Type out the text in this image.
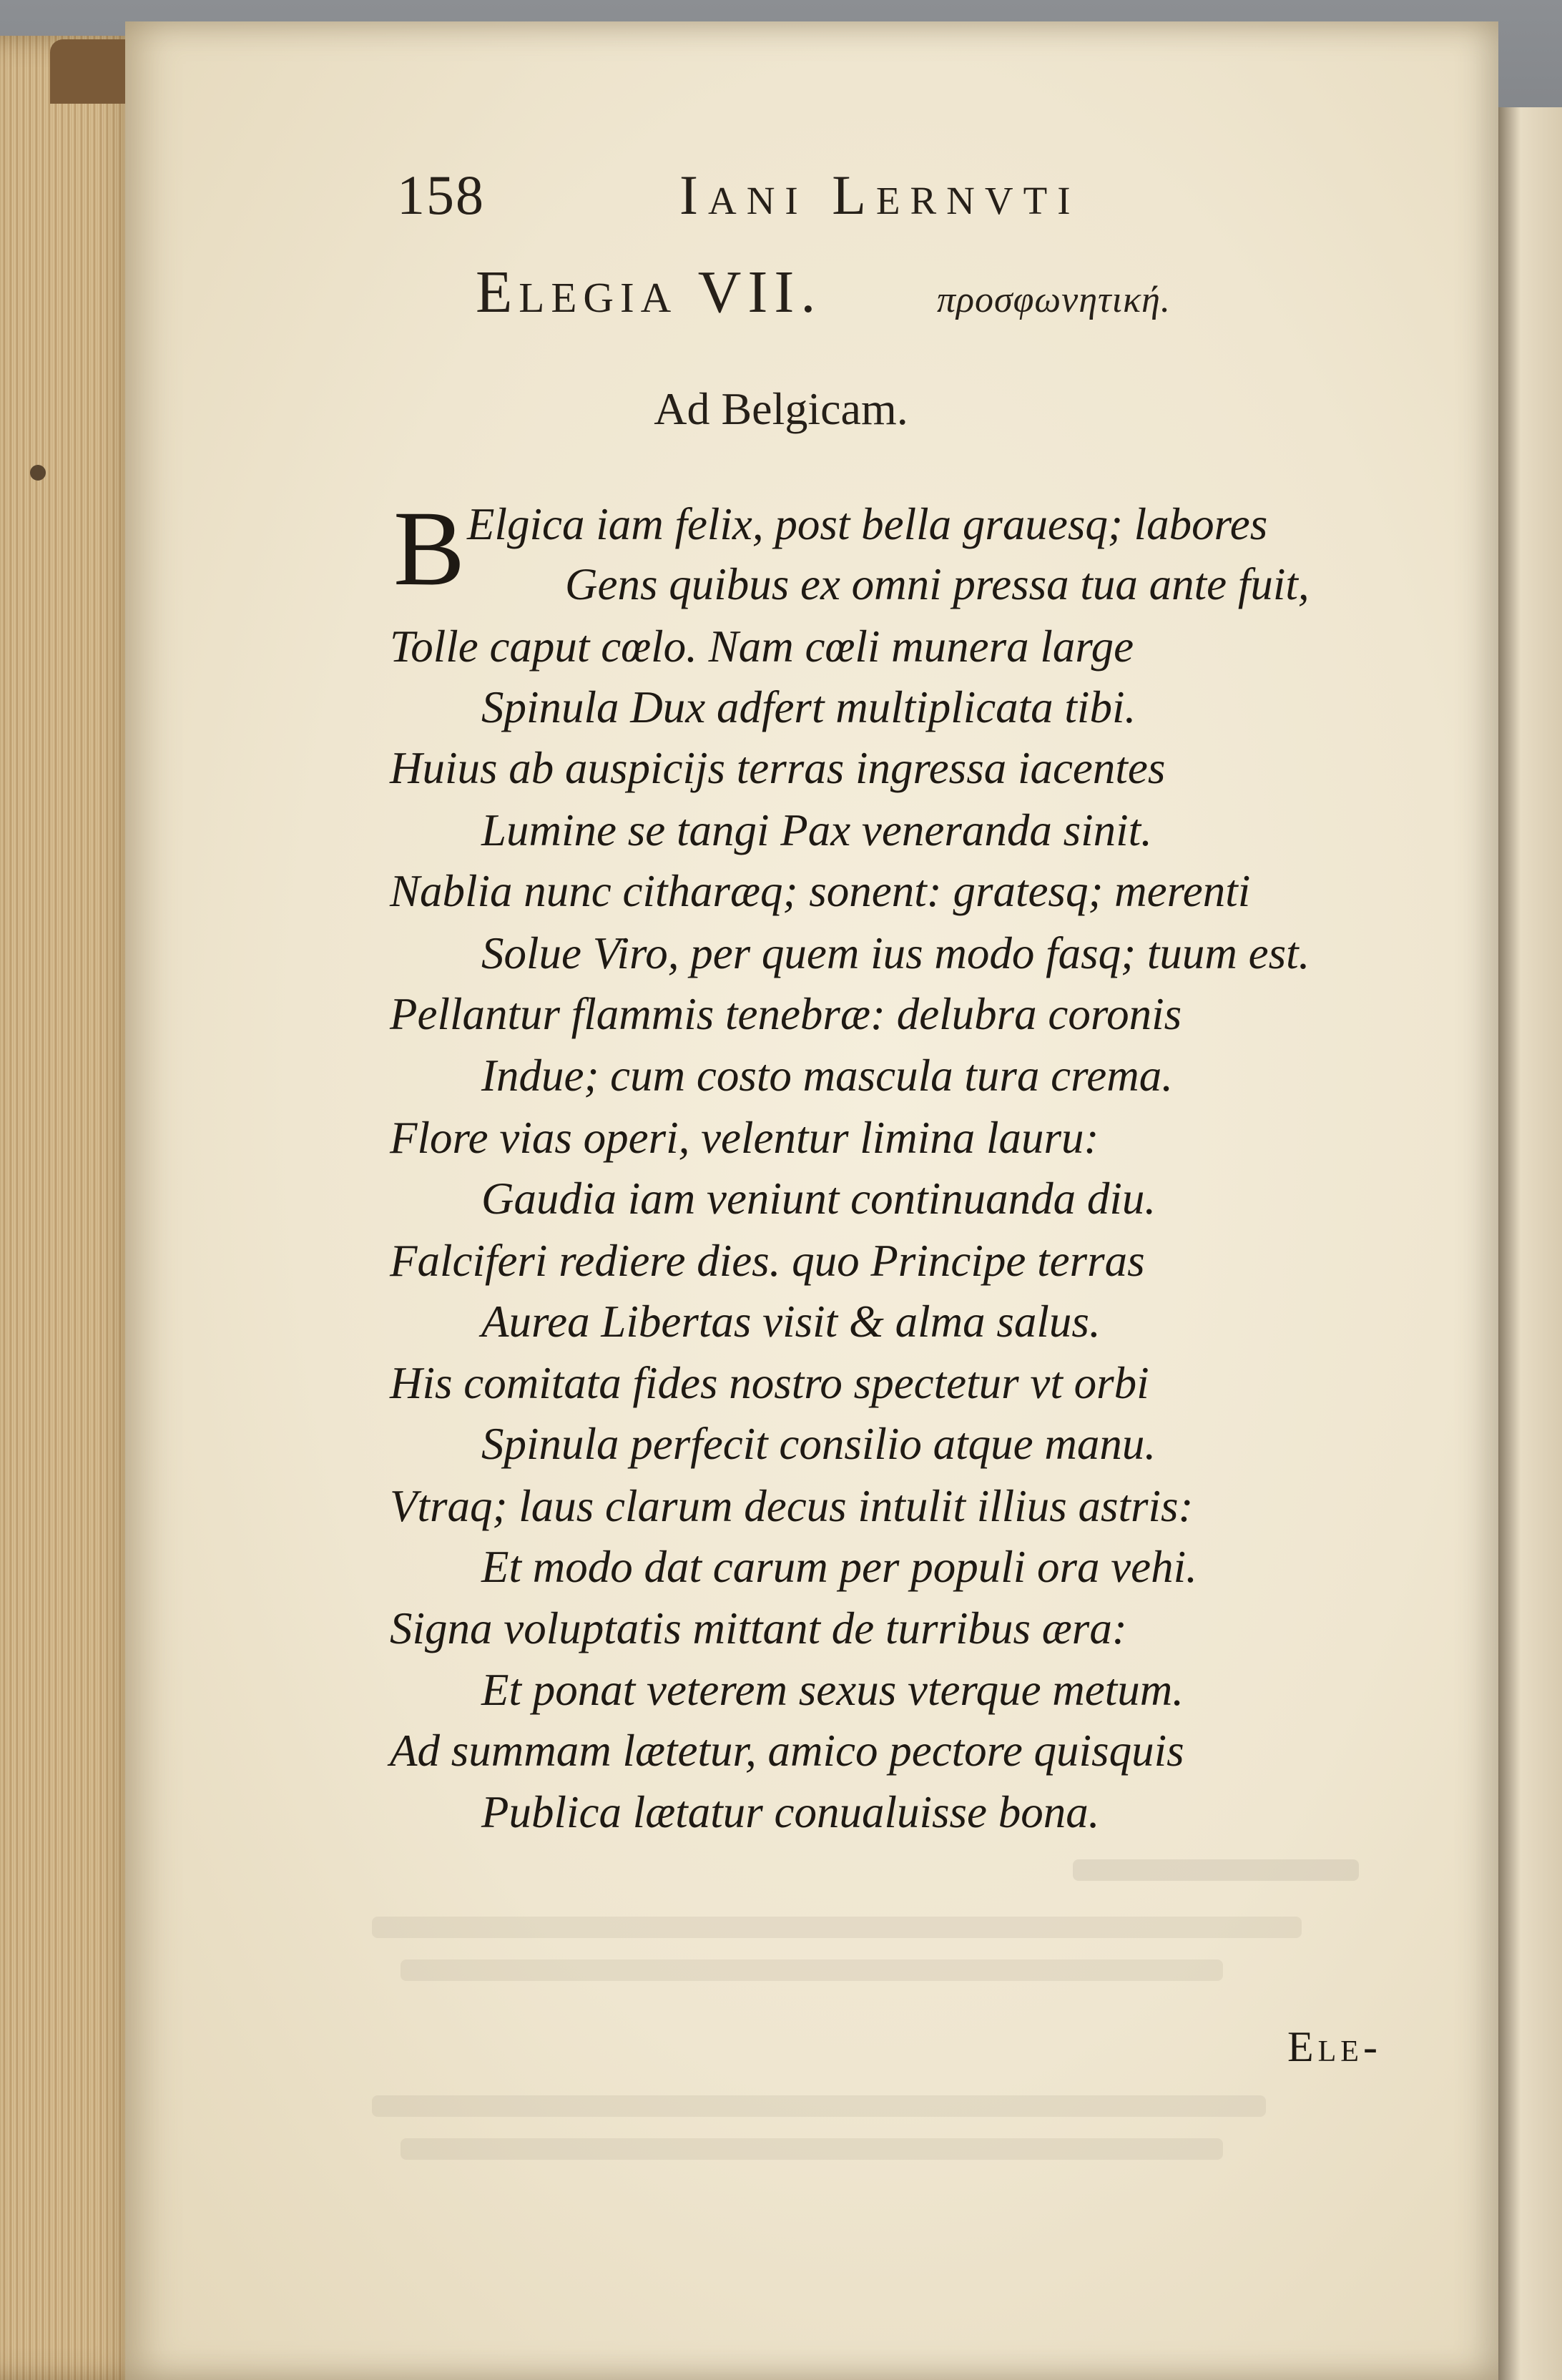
158	Iani Lernvti
Elegia VII.	προσφωνητική.
Ad Belgicam.
B Elgica iam felix, post bella grauesq; labores
Gens quibus ex omni pressa tua ante fuit,
Tolle caput cœlo. Nam cœli munera large
Spinula Dux adfert multiplicata tibi.
Huius ab auspicijs terras ingressa iacentes
Lumine se tangi Pax veneranda sinit.
Nablia nunc citharæq; sonent: gratesq; merenti
Solue Viro, per quem ius modo fasq; tuum est.
Pellantur flammis tenebræ: delubra coronis
Indue; cum costo mascula tura crema.
Flore vias operi, velentur limina lauru:
Gaudia iam veniunt continuanda diu.
Falciferi rediere dies. quo Principe terras
Aurea Libertas visit & alma salus.
His comitata fides nostro spectetur vt orbi
Spinula perfecit consilio atque manu.
Vtraq; laus clarum decus intulit illius astris:
Et modo dat carum per populi ora vehi.
Signa voluptatis mittant de turribus æra:
Et ponat veterem sexus vterque metum.
Ad summam lætetur, amico pectore quisquis
Publica lætatur conualuisse bona.
Ele-
